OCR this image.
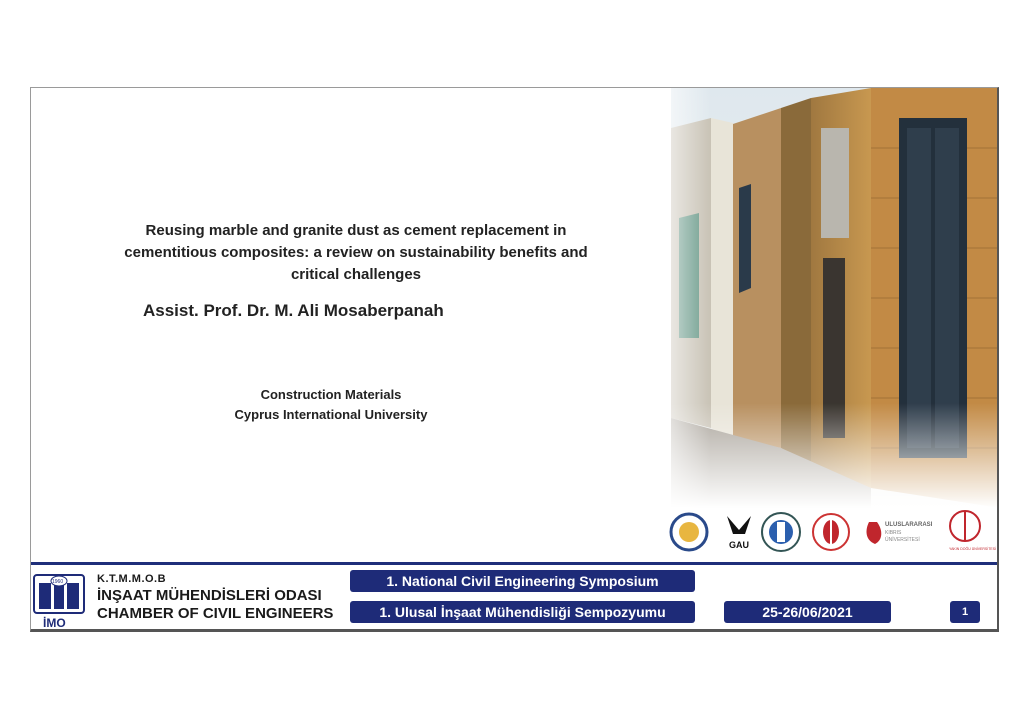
Reusing marble and granite dust as cement replacement in cementitious composites: a review on sustainability benefits and critical challenges
Assist. Prof. Dr. M. Ali Mosaberpanah
Construction Materials
Cyprus International University
GAU
ULUSLARARASI
KIBRIS
ÜNİVERSİTESİ
YAKIN DOĞU ÜNİVERSİTESİ
1960
İMO
K.T.M.M.O.B
İNŞAAT MÜHENDİSLERİ ODASI
CHAMBER OF CIVIL ENGINEERS
1. National Civil Engineering Symposium
1. Ulusal İnşaat Mühendisliği Sempozyumu	25-26/06/2021	1
